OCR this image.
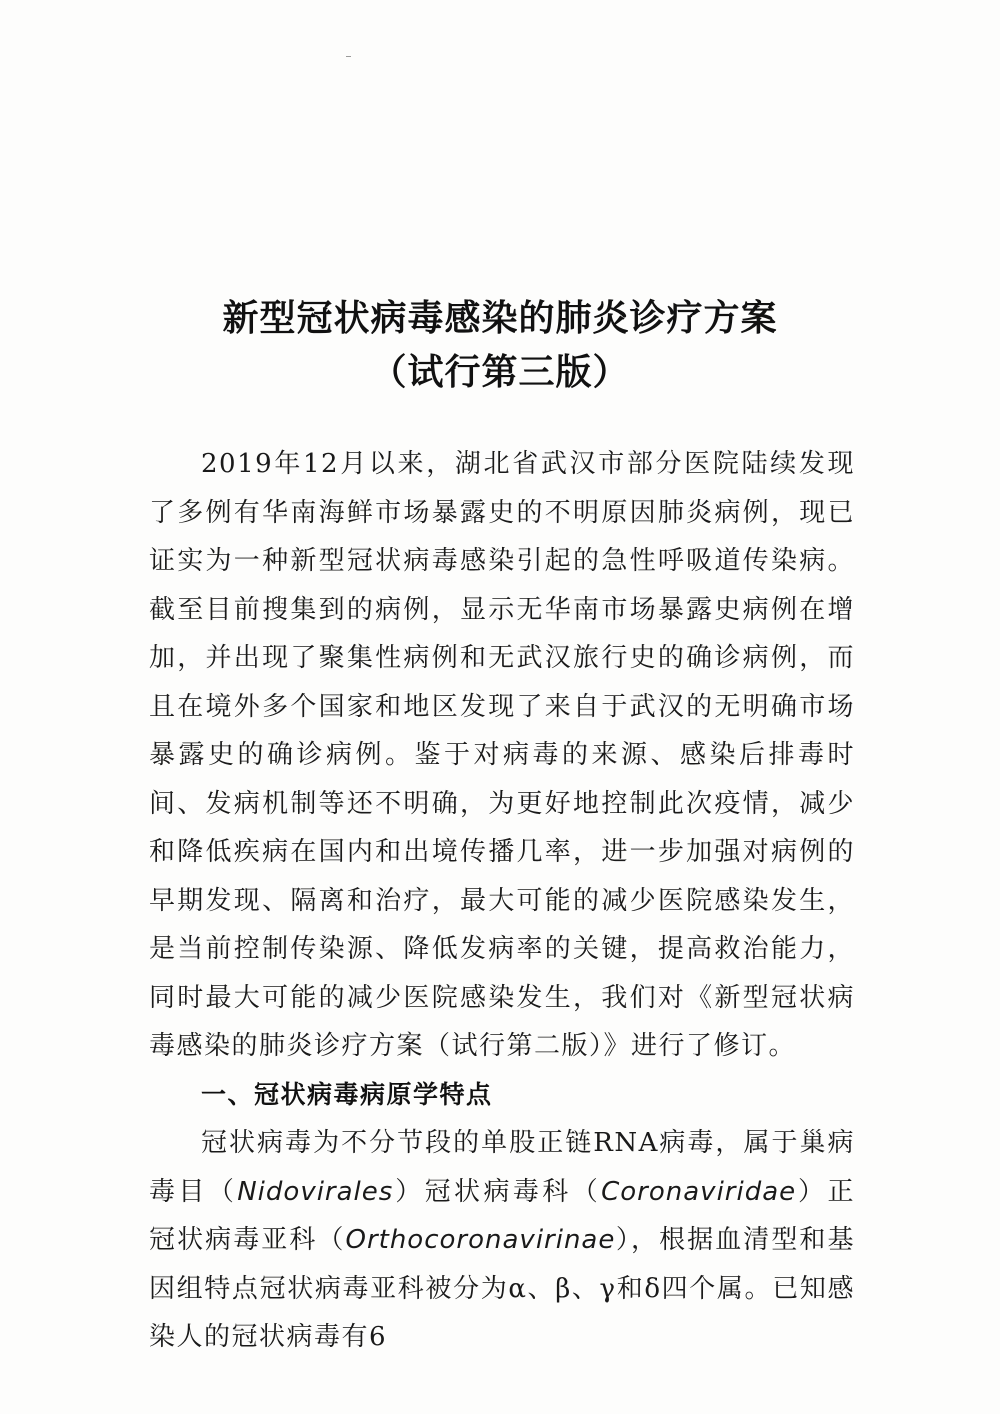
新型冠状病毒感染的肺炎诊疗方案
（试行第三版）

2019年12月以来，湖北省武汉市部分医院陆续发现了多例有华南海鲜市场暴露史的不明原因肺炎病例，现已证实为一种新型冠状病毒感染引起的急性呼吸道传染病。截至目前搜集到的病例，显示无华南市场暴露史病例在增加，并出现了聚集性病例和无武汉旅行史的确诊病例，而且在境外多个国家和地区发现了来自于武汉的无明确市场暴露史的确诊病例。鉴于对病毒的来源、感染后排毒时间、发病机制等还不明确，为更好地控制此次疫情，减少和降低疾病在国内和出境传播几率，进一步加强对病例的早期发现、隔离和治疗，最大可能的减少医院感染发生，是当前控制传染源、降低发病率的关键，提高救治能力，同时最大可能的减少医院感染发生，我们对《新型冠状病毒感染的肺炎诊疗方案（试行第二版）》进行了修订。

一、冠状病毒病原学特点

冠状病毒为不分节段的单股正链RNA病毒，属于巢病毒目（Nidovirales）冠状病毒科（Coronaviridae）正冠状病毒亚科（Orthocoronavirinae），根据血清型和基因组特点冠状病毒亚科被分为α、β、γ和δ四个属。已知感染人的冠状病毒有6
